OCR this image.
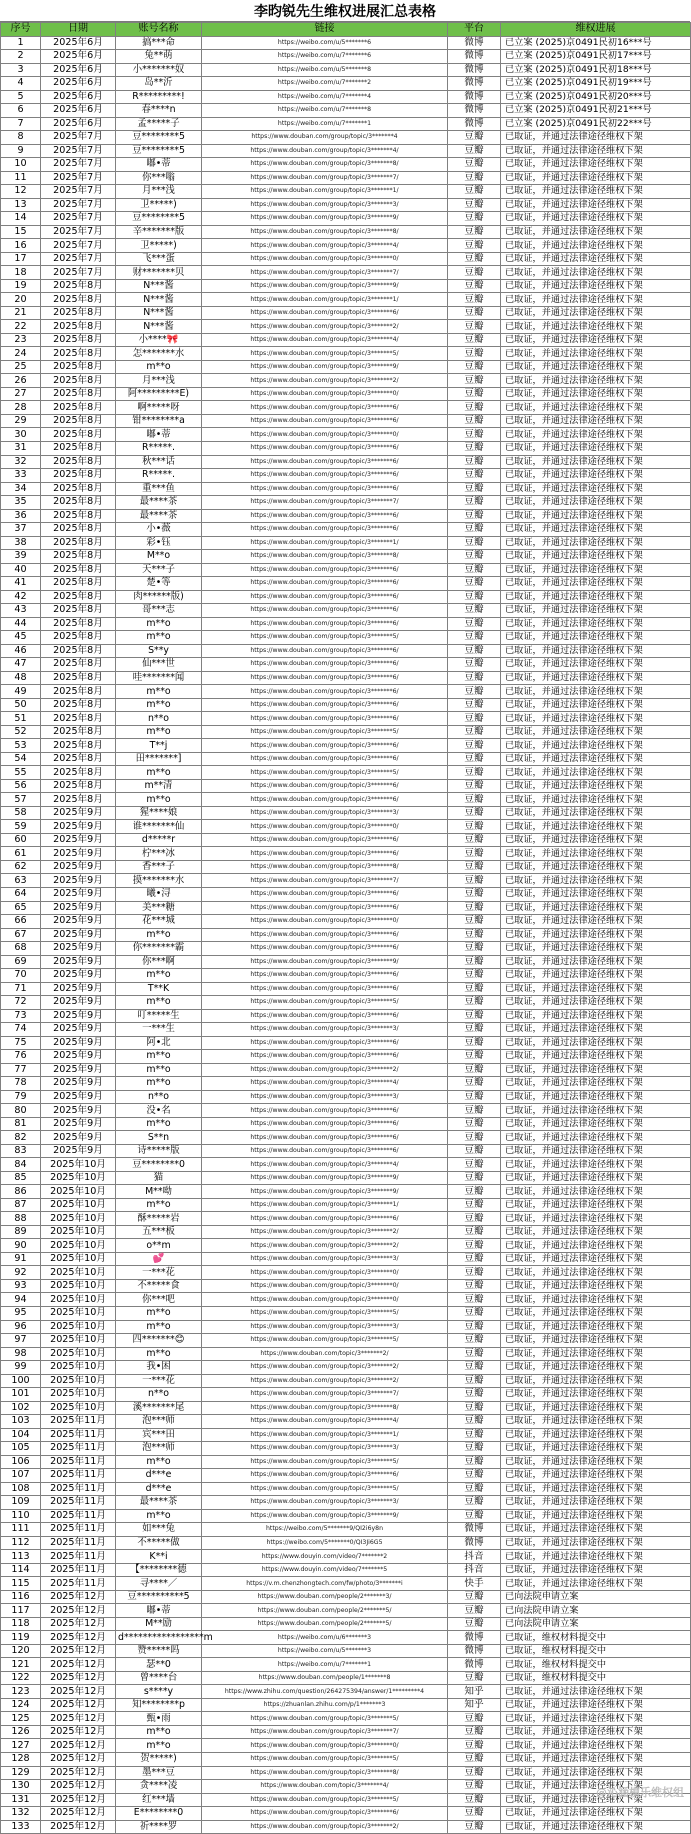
李昀锐先生维权进展汇总表格
序号	日期	账号名称	链接	平台	维权进展
1	2025年6月	搞***命	https://weibo.com/u/5*******6	微博	已立案 (2025)京0491民初16***号
2	2025年6月	兔**萌	https://weibo.com/u/7*******6	微博	已立案 (2025)京0491民初17***号
3	2025年6月	小*******奴	https://weibo.com/u/5*******8	微博	已立案 (2025)京0491民初18***号
4	2025年6月	岛**沂	https://weibo.com/u/7*******2	微博	已立案 (2025)京0491民初19***号
5	2025年6月	R*********!	https://weibo.com/u/7*******4	微博	已立案 (2025)京0491民初20***号
6	2025年6月	春****n	https://weibo.com/u/7*******8	微博	已立案 (2025)京0491民初21***号
7	2025年6月	孟*****子	https://weibo.com/u/7*******1	微博	已立案 (2025)京0491民初22***号
8	2025年7月	豆********5	https://www.douban.com/group/topic/3*******4	豆瓣	已取证，并通过法律途径维权下架
9	2025年7月	豆********5	https://www.douban.com/group/topic/3*******4/	豆瓣	已取证，并通过法律途径维权下架
10	2025年7月	嘟•蒂	https://www.douban.com/group/topic/3*******8/	豆瓣	已取证，并通过法律途径维权下架
11	2025年7月	你***嗡	https://www.douban.com/group/topic/3*******7/	豆瓣	已取证，并通过法律途径维权下架
12	2025年7月	月***浅	https://www.douban.com/group/topic/3*******1/	豆瓣	已取证，并通过法律途径维权下架
13	2025年7月	卫*****)	https://www.douban.com/group/topic/3*******3/	豆瓣	已取证，并通过法律途径维权下架
14	2025年7月	豆********5	https://www.douban.com/group/topic/3*******9/	豆瓣	已取证，并通过法律途径维权下架
15	2025年7月	辛*******版	https://www.douban.com/group/topic/3*******8/	豆瓣	已取证，并通过法律途径维权下架
16	2025年7月	卫*****)	https://www.douban.com/group/topic/3*******4/	豆瓣	已取证，并通过法律途径维权下架
17	2025年7月	飞***蛋	https://www.douban.com/group/topic/3*******0/	豆瓣	已取证，并通过法律途径维权下架
18	2025年7月	财*******贝	https://www.douban.com/group/topic/3*******7/	豆瓣	已取证，并通过法律途径维权下架
19	2025年8月	N***酱	https://www.douban.com/group/topic/3*******9/	豆瓣	已取证，并通过法律途径维权下架
20	2025年8月	N***酱	https://www.douban.com/group/topic/3*******1/	豆瓣	已取证，并通过法律途径维权下架
21	2025年8月	N***酱	https://www.douban.com/group/topic/3*******6/	豆瓣	已取证，并通过法律途径维权下架
22	2025年8月	N***酱	https://www.douban.com/group/topic/3*******2/	豆瓣	已取证，并通过法律途径维权下架
23	2025年8月	小****🎀	https://www.douban.com/group/topic/3*******4/	豆瓣	已取证，并通过法律途径维权下架
24	2025年8月	怎*******水	https://www.douban.com/group/topic/3*******5/	豆瓣	已取证，并通过法律途径维权下架
25	2025年8月	m**o	https://www.douban.com/group/topic/3*******9/	豆瓣	已取证，并通过法律途径维权下架
26	2025年8月	月***浅	https://www.douban.com/group/topic/3*******2/	豆瓣	已取证，并通过法律途径维权下架
27	2025年8月	阿*********E)	https://www.douban.com/group/topic/3*******0/	豆瓣	已取证，并通过法律途径维权下架
28	2025年8月	啊*****呀	https://www.douban.com/group/topic/3*******6/	豆瓣	已取证，并通过法律途径维权下架
29	2025年8月	钳********a	https://www.douban.com/group/topic/3*******6/	豆瓣	已取证，并通过法律途径维权下架
30	2025年8月	嘟•蒂	https://www.douban.com/group/topic/3*******0/	豆瓣	已取证，并通过法律途径维权下架
31	2025年8月	R*****.	https://www.douban.com/group/topic/3*******6/	豆瓣	已取证，并通过法律途径维权下架
32	2025年8月	秋***话	https://www.douban.com/group/topic/3*******6/	豆瓣	已取证，并通过法律途径维权下架
33	2025年8月	R*****.	https://www.douban.com/group/topic/3*******6/	豆瓣	已取证，并通过法律途径维权下架
34	2025年8月	重***鱼	https://www.douban.com/group/topic/3*******6/	豆瓣	已取证，并通过法律途径维权下架
35	2025年8月	最****茶	https://www.douban.com/group/topic/3*******7/	豆瓣	已取证，并通过法律途径维权下架
36	2025年8月	最****茶	https://www.douban.com/group/topic/3*******6/	豆瓣	已取证，并通过法律途径维权下架
37	2025年8月	小•薇	https://www.douban.com/group/topic/3*******6/	豆瓣	已取证，并通过法律途径维权下架
38	2025年8月	彩•钰	https://www.douban.com/group/topic/3*******1/	豆瓣	已取证，并通过法律途径维权下架
39	2025年8月	M**o	https://www.douban.com/group/topic/3*******8/	豆瓣	已取证，并通过法律途径维权下架
40	2025年8月	天***子	https://www.douban.com/group/topic/3*******6/	豆瓣	已取证，并通过法律途径维权下架
41	2025年8月	楚•等	https://www.douban.com/group/topic/3*******6/	豆瓣	已取证，并通过法律途径维权下架
42	2025年8月	肉******版)	https://www.douban.com/group/topic/3*******6/	豆瓣	已取证，并通过法律途径维权下架
43	2025年8月	哥***志	https://www.douban.com/group/topic/3*******6/	豆瓣	已取证，并通过法律途径维权下架
44	2025年8月	m**o	https://www.douban.com/group/topic/3*******6/	豆瓣	已取证，并通过法律途径维权下架
45	2025年8月	m**o	https://www.douban.com/group/topic/3*******5/	豆瓣	已取证，并通过法律途径维权下架
46	2025年8月	S**y	https://www.douban.com/group/topic/3*******6/	豆瓣	已取证，并通过法律途径维权下架
47	2025年8月	仙***世	https://www.douban.com/group/topic/3*******6/	豆瓣	已取证，并通过法律途径维权下架
48	2025年8月	哇*******闻	https://www.douban.com/group/topic/3*******6/	豆瓣	已取证，并通过法律途径维权下架
49	2025年8月	m**o	https://www.douban.com/group/topic/3*******6/	豆瓣	已取证，并通过法律途径维权下架
50	2025年8月	m**o	https://www.douban.com/group/topic/3*******6/	豆瓣	已取证，并通过法律途径维权下架
51	2025年8月	n**o	https://www.douban.com/group/topic/3*******6/	豆瓣	已取证，并通过法律途径维权下架
52	2025年8月	m**o	https://www.douban.com/group/topic/3*******5/	豆瓣	已取证，并通过法律途径维权下架
53	2025年8月	T**j	https://www.douban.com/group/topic/3*******6/	豆瓣	已取证，并通过法律途径维权下架
54	2025年8月	田*******]	https://www.douban.com/group/topic/3*******6/	豆瓣	已取证，并通过法律途径维权下架
55	2025年8月	m**o	https://www.douban.com/group/topic/3*******5/	豆瓣	已取证，并通过法律途径维权下架
56	2025年8月	m**清	https://www.douban.com/group/topic/3*******6/	豆瓣	已取证，并通过法律途径维权下架
57	2025年8月	m**o	https://www.douban.com/group/topic/3*******6/	豆瓣	已取证，并通过法律途径维权下架
58	2025年9月	猩****娘	https://www.douban.com/group/topic/3*******3/	豆瓣	已取证，并通过法律途径维权下架
59	2025年9月	谁*******仙	https://www.douban.com/group/topic/3*******0/	豆瓣	已取证，并通过法律途径维权下架
60	2025年9月	d*****r	https://www.douban.com/group/topic/3*******6/	豆瓣	已取证，并通过法律途径维权下架
61	2025年9月	柠***冰	https://www.douban.com/group/topic/3*******6/	豆瓣	已取证，并通过法律途径维权下架
62	2025年9月	香***子	https://www.douban.com/group/topic/3*******8/	豆瓣	已取证，并通过法律途径维权下架
63	2025年9月	摸*******水	https://www.douban.com/group/topic/3*******7/	豆瓣	已取证，并通过法律途径维权下架
64	2025年9月	曦•浔	https://www.douban.com/group/topic/3*******6/	豆瓣	已取证，并通过法律途径维权下架
65	2025年9月	美***糖	https://www.douban.com/group/topic/3*******6/	豆瓣	已取证，并通过法律途径维权下架
66	2025年9月	花***城	https://www.douban.com/group/topic/3*******0/	豆瓣	已取证，并通过法律途径维权下架
67	2025年9月	m**o	https://www.douban.com/group/topic/3*******6/	豆瓣	已取证，并通过法律途径维权下架
68	2025年9月	你*******霸	https://www.douban.com/group/topic/3*******6/	豆瓣	已取证，并通过法律途径维权下架
69	2025年9月	你***啊	https://www.douban.com/group/topic/3*******9/	豆瓣	已取证，并通过法律途径维权下架
70	2025年9月	m**o	https://www.douban.com/group/topic/3*******6/	豆瓣	已取证，并通过法律途径维权下架
71	2025年9月	T**K	https://www.douban.com/group/topic/3*******6/	豆瓣	已取证，并通过法律途径维权下架
72	2025年9月	m**o	https://www.douban.com/group/topic/3*******5/	豆瓣	已取证，并通过法律途径维权下架
73	2025年9月	叮*****生	https://www.douban.com/group/topic/3*******6/	豆瓣	已取证，并通过法律途径维权下架
74	2025年9月	一***生	https://www.douban.com/group/topic/3*******3/	豆瓣	已取证，并通过法律途径维权下架
75	2025年9月	阿•北	https://www.douban.com/group/topic/3*******6/	豆瓣	已取证，并通过法律途径维权下架
76	2025年9月	m**o	https://www.douban.com/group/topic/3*******6/	豆瓣	已取证，并通过法律途径维权下架
77	2025年9月	m**o	https://www.douban.com/group/topic/3*******2/	豆瓣	已取证，并通过法律途径维权下架
78	2025年9月	m**o	https://www.douban.com/group/topic/3*******4/	豆瓣	已取证，并通过法律途径维权下架
79	2025年9月	n**o	https://www.douban.com/group/topic/3*******3/	豆瓣	已取证，并通过法律途径维权下架
80	2025年9月	没•名	https://www.douban.com/group/topic/3*******6/	豆瓣	已取证，并通过法律途径维权下架
81	2025年9月	m**o	https://www.douban.com/group/topic/3*******6/	豆瓣	已取证，并通过法律途径维权下架
82	2025年9月	S**n	https://www.douban.com/group/topic/3*******6/	豆瓣	已取证，并通过法律途径维权下架
83	2025年9月	诗*****版	https://www.douban.com/group/topic/3*******6/	豆瓣	已取证，并通过法律途径维权下架
84	2025年10月	豆********0	https://www.douban.com/group/topic/3*******4/	豆瓣	已取证，并通过法律途径维权下架
85	2025年10月	猫	https://www.douban.com/group/topic/3*******9/	豆瓣	已取证，并通过法律途径维权下架
86	2025年10月	M**呦	https://www.douban.com/group/topic/3*******9/	豆瓣	已取证，并通过法律途径维权下架
87	2025年10月	m**o	https://www.douban.com/group/topic/3*******1/	豆瓣	已取证，并通过法律途径维权下架
88	2025年10月	酥*****岩	https://www.douban.com/group/topic/3*******6/	豆瓣	已取证，并通过法律途径维权下架
89	2025年10月	五***板	https://www.douban.com/group/topic/3*******2/	豆瓣	已取证，并通过法律途径维权下架
90	2025年10月	o**m	https://www.douban.com/group/topic/3*******2/	豆瓣	已取证，并通过法律途径维权下架
91	2025年10月	💕	https://www.douban.com/group/topic/3*******3/	豆瓣	已取证，并通过法律途径维权下架
92	2025年10月	一***花	https://www.douban.com/group/topic/3*******0/	豆瓣	已取证，并通过法律途径维权下架
93	2025年10月	不*****食	https://www.douban.com/group/topic/3*******0/	豆瓣	已取证，并通过法律途径维权下架
94	2025年10月	你***吧	https://www.douban.com/group/topic/3*******0/	豆瓣	已取证，并通过法律途径维权下架
95	2025年10月	m**o	https://www.douban.com/group/topic/3*******5/	豆瓣	已取证，并通过法律途径维权下架
96	2025年10月	m**o	https://www.douban.com/group/topic/3*******3/	豆瓣	已取证，并通过法律途径维权下架
97	2025年10月	四*******😊	https://www.douban.com/group/topic/3*******5/	豆瓣	已取证，并通过法律途径维权下架
98	2025年10月	m**o	https://www.douban.com/topic/3*******2/	豆瓣	已取证，并通过法律途径维权下架
99	2025年10月	我•困	https://www.douban.com/group/topic/3*******2/	豆瓣	已取证，并通过法律途径维权下架
100	2025年10月	一***花	https://www.douban.com/group/topic/3*******2/	豆瓣	已取证，并通过法律途径维权下架
101	2025年10月	n**o	https://www.douban.com/group/topic/3*******7/	豆瓣	已取证，并通过法律途径维权下架
102	2025年10月	溪*******尾	https://www.douban.com/group/topic/3*******8/	豆瓣	已取证，并通过法律途径维权下架
103	2025年11月	泡***师	https://www.douban.com/group/topic/3*******4/	豆瓣	已取证，并通过法律途径维权下架
104	2025年11月	宾***田	https://www.douban.com/group/topic/3*******1/	豆瓣	已取证，并通过法律途径维权下架
105	2025年11月	泡***师	https://www.douban.com/group/topic/3*******3/	豆瓣	已取证，并通过法律途径维权下架
106	2025年11月	m**o	https://www.douban.com/group/topic/3*******5/	豆瓣	已取证，并通过法律途径维权下架
107	2025年11月	d***e	https://www.douban.com/group/topic/3*******6/	豆瓣	已取证，并通过法律途径维权下架
108	2025年11月	d***e	https://www.douban.com/group/topic/3*******5/	豆瓣	已取证，并通过法律途径维权下架
109	2025年11月	最****茶	https://www.douban.com/group/topic/3*******3/	豆瓣	已取证，并通过法律途径维权下架
110	2025年11月	m**o	https://www.douban.com/group/topic/3*******9/	豆瓣	已取证，并通过法律途径维权下架
111	2025年11月	如***兔	https://weibo.com/5*******9/QI2i6y8n	微博	已取证，并通过法律途径维权下架
112	2025年11月	不*****做	https://weibo.com/5*******0/QI3Ji6G5	微博	已取证，并通过法律途径维权下架
113	2025年11月	K**i	https://www.douyin.com/video/7*******2	抖音	已取证，并通过法律途径维权下架
114	2025年11月	【********德	https://www.douyin.com/video/7*******5	抖音	已取证，并通过法律途径维权下架
115	2025年11月	寻****／	https://v.m.chenzhongtech.com/fw/photo/3*******i	快手	已取证，并通过法律途径维权下架
116	2025年12月	豆**********5	https://www.douban.com/people/2*******3/	豆瓣	已向法院申请立案
117	2025年12月	嘟•蒂	https://www.douban.com/people/2*******5/	豆瓣	已向法院申请立案
118	2025年12月	M**励	https://www.douban.com/people/2*******5/	豆瓣	已向法院申请立案
119	2025年12月	d*****************m	https://weibo.com/u/6*******3	微博	已取证，维权材料提交中
120	2025年12月	赞*****吗	https://weibo.com/u/5*******3	微博	已取证，维权材料提交中
121	2025年12月	瑟**0	https://weibo.com/u/7*******1	微博	已取证，维权材料提交中
122	2025年12月	曾****台	https://www.douban.com/people/1*******8	豆瓣	已取证，维权材料提交中
123	2025年12月	s****y	https://www.zhihu.com/question/264275394/answer/1*********4	知乎	已取证，并通过法律途径维权下架
124	2025年12月	知********p	https://zhuanlan.zhihu.com/p/1*******3	知乎	已取证，并通过法律途径维权下架
125	2025年12月	甄•雨	https://www.douban.com/group/topic/3*******5/	豆瓣	已取证，并通过法律途径维权下架
126	2025年12月	m**o	https://www.douban.com/group/topic/3*******7/	豆瓣	已取证，并通过法律途径维权下架
127	2025年12月	m**o	https://www.douban.com/group/topic/3*******0/	豆瓣	已取证，并通过法律途径维权下架
128	2025年12月	贺*****)	https://www.douban.com/group/topic/3*******5/	豆瓣	已取证，并通过法律途径维权下架
129	2025年12月	墨***豆	https://www.douban.com/group/topic/3*******8/	豆瓣	已取证，并通过法律途径维权下架
130	2025年12月	贪****凌	https://www.douban.com/topic/3*******4/	豆瓣	已取证，并通过法律途径维权下架
131	2025年12月	红***墙	https://www.douban.com/group/topic/3*******5/	豆瓣	已取证，并通过法律途径维权下架
132	2025年12月	E********0	https://www.douban.com/group/topic/3*******6/	豆瓣	已取证，并通过法律途径维权下架
133	2025年12月	祈****罗	https://www.douban.com/group/topic/3*******2/	豆瓣	已取证，并通过法律途径维权下架
@沁涵模乐维权组
